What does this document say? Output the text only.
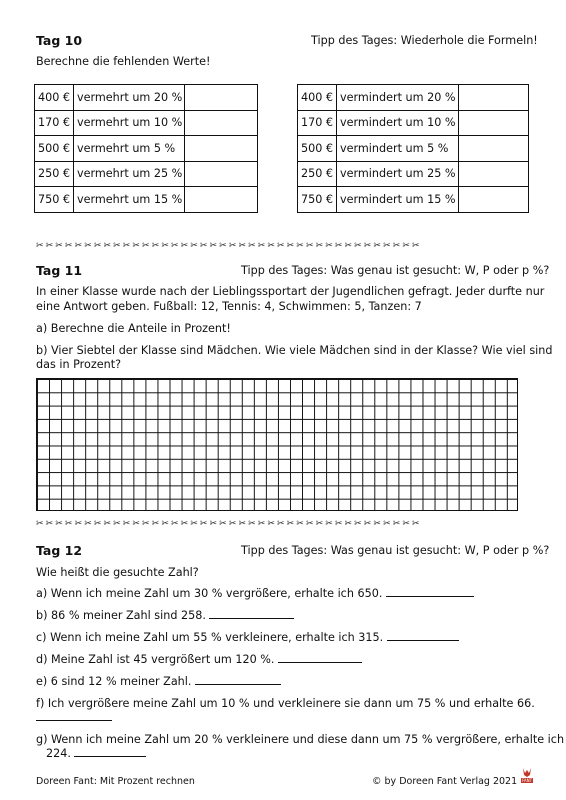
Tag 10	Tipp des Tages: Wiederhole die Formeln!
Berechne die fehlenden Werte!
400 €	vermehrt um 20 %	
170 €	vermehrt um 10 %	
500 €	vermehrt um 5 %	
250 €	vermehrt um 25 %	
750 €	vermehrt um 15 %	
400 €	vermindert um 20 %	
170 €	vermindert um 10 %	
500 €	vermindert um 5 %	
250 €	vermindert um 25 %	
750 €	vermindert um 15 %	
✂✂✂✂✂✂✂✂✂✂✂✂✂✂✂✂✂✂✂✂✂✂✂✂✂✂✂✂✂✂✂✂✂✂✂✂✂✂✂✂
Tag 11	Tipp des Tages: Was genau ist gesucht: W, P oder p %?
In einer Klasse wurde nach der Lieblingssportart der Jugendlichen gefragt. Jeder durfte nur
eine Antwort geben. Fußball: 12, Tennis: 4, Schwimmen: 5, Tanzen: 7
a) Berechne die Anteile in Prozent!
b) Vier Siebtel der Klasse sind Mädchen. Wie viele Mädchen sind in der Klasse? Wie viel sind
das in Prozent?
✂✂✂✂✂✂✂✂✂✂✂✂✂✂✂✂✂✂✂✂✂✂✂✂✂✂✂✂✂✂✂✂✂✂✂✂✂✂✂✂
Tag 12	Tipp des Tages: Was genau ist gesucht: W, P oder p %?
Wie heißt die gesuchte Zahl?
a) Wenn ich meine Zahl um 30 % vergrößere, erhalte ich 650.
b) 86 % meiner Zahl sind 258.
c) Wenn ich meine Zahl um 55 % verkleinere, erhalte ich 315.
d) Meine Zahl ist 45 vergrößert um 120 %.
e) 6 sind 12 % meiner Zahl.
f) Ich vergrößere meine Zahl um 10 % und verkleinere sie dann um 75 % und erhalte 66.
g) Wenn ich meine Zahl um 20 % verkleinere und diese dann um 75 % vergrößere, erhalte ich
224.
Doreen Fant: Mit Prozent rechnen	© by Doreen Fant Verlag 2021 FANT
